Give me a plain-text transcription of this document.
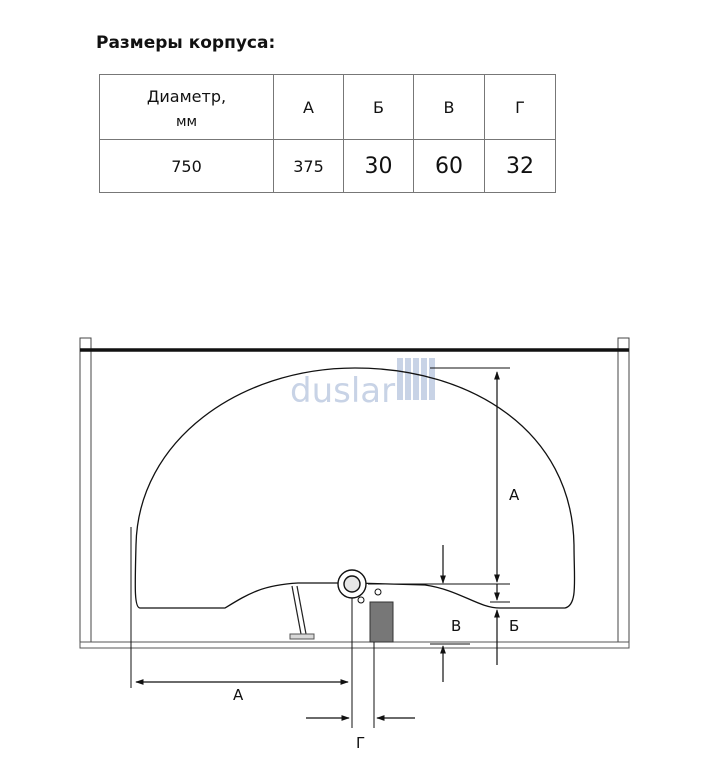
Размеры корпуса:
Диаметр,
мм	А	Б	В	Г
750	375	30	60	32
duslar
А
Б
В
А
Г
